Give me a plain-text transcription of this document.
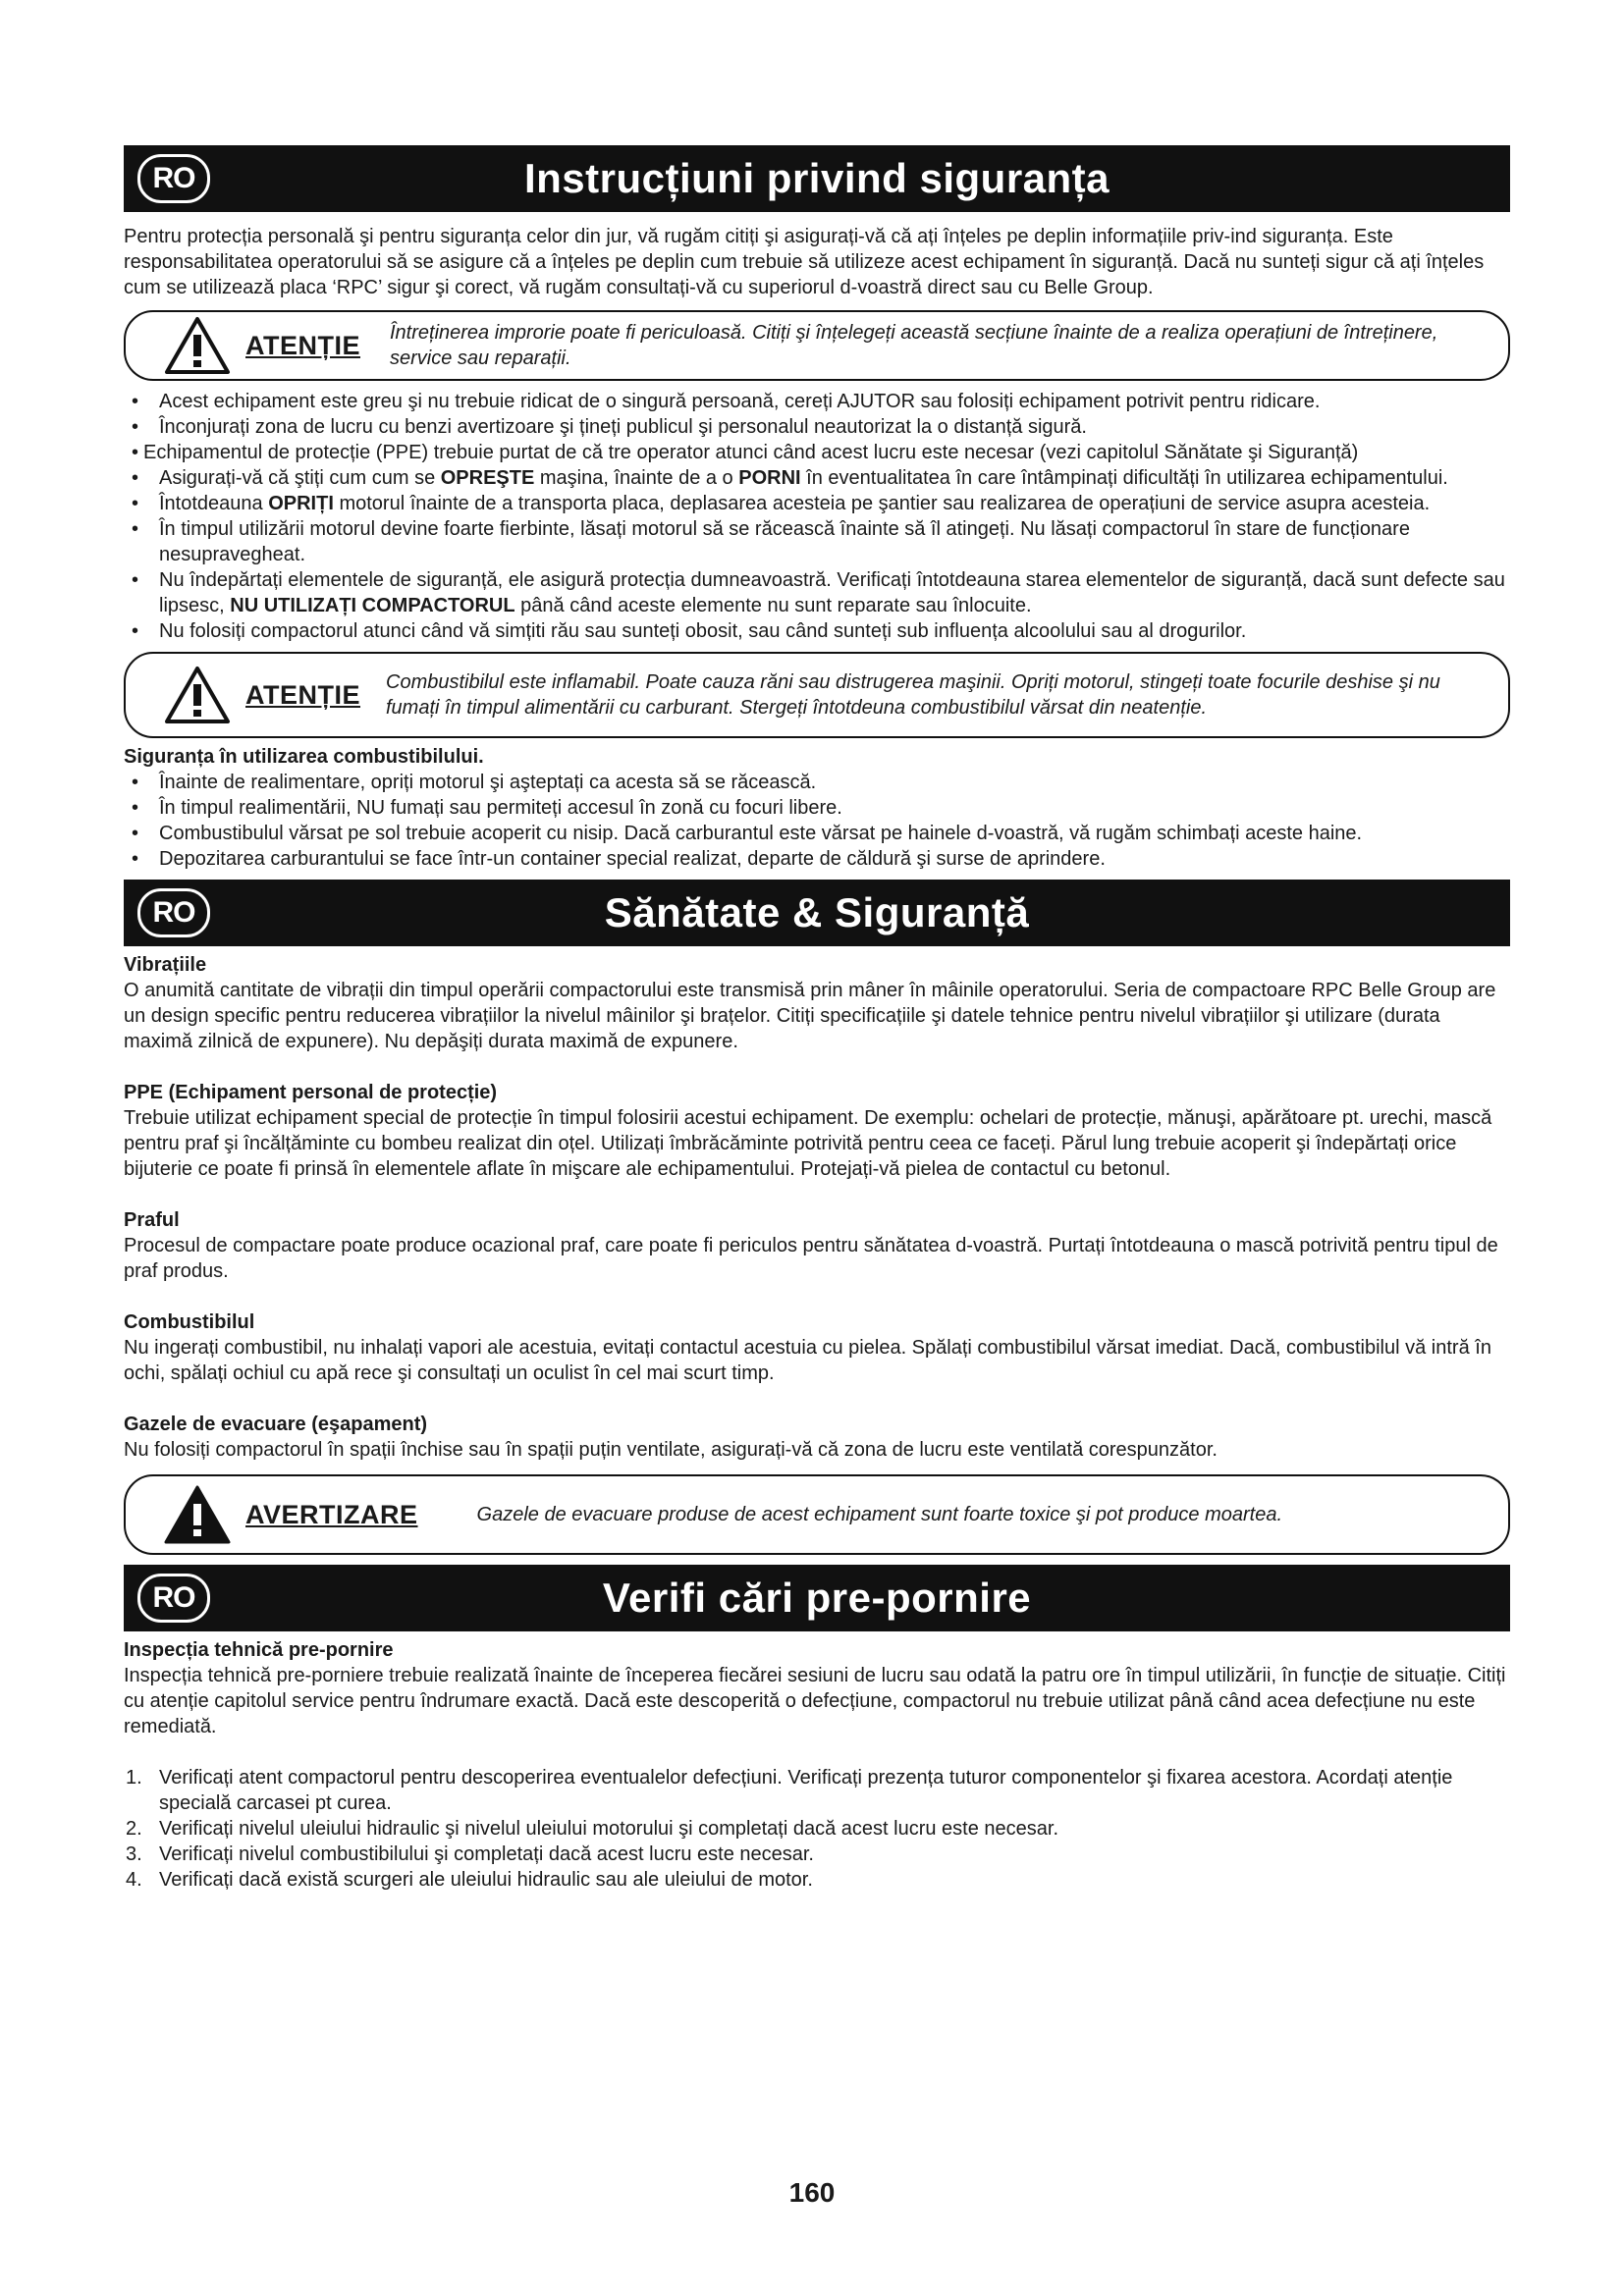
RO	Instrucțiuni privind siguranța

Pentru protecția personală şi pentru siguranța celor din jur, vă rugăm citiți şi asigurați-vă că ați înțeles pe deplin informațiile priv-ind siguranța. Este responsabilitatea operatorului să se asigure că a înțeles pe deplin cum trebuie să utilizeze acest echipament în siguranță. Dacă nu sunteți sigur că ați înțeles cum se utilizează placa ‘RPC’ sigur şi corect, vă rugăm consultați-vă cu superiorul d-voastră direct sau cu Belle Group.

ATENȚIE Întreținerea improrie poate fi periculoasă. Citiți şi înțelegeți această secțiune înainte de a realiza operațiuni de întreținere, service sau reparații.
• Acest echipament este greu şi nu trebuie ridicat de o singură persoană, cereți AJUTOR sau folosiți echipament potrivit pentru ridicare.
• Înconjurați zona de lucru cu benzi avertizoare şi țineți publicul şi personalul neautorizat la o distanță sigură.
• Echipamentul de protecție (PPE) trebuie purtat de că tre operator atunci când acest lucru este necesar (vezi capitolul Sănătate şi Siguranță)
• Asigurați-vă că ştiți cum cum se OPREŞTE maşina, înainte de a o PORNI în eventualitatea în care întâmpinați dificultăți în utilizarea echipamentului.
• Întotdeauna OPRIȚI motorul înainte de a transporta placa, deplasarea acesteia pe şantier sau realizarea de operațiuni de service asupra acesteia.
• În timpul utilizării motorul devine foarte fierbinte, lăsați motorul să se răcească înainte să îl atingeți. Nu lăsați compactorul în stare de funcționare nesupravegheat.
• Nu îndepărtați elementele de siguranță, ele asigură protecția dumneavoastră. Verificați întotdeauna starea elementelor de siguranță, dacă sunt defecte sau lipsesc, NU UTILIZAȚI COMPACTORUL până când aceste elemente nu sunt reparate sau înlocuite.
• Nu folosiți compactorul atunci când vă simțiti rău sau sunteți obosit, sau când sunteți sub influența alcoolului sau al drogurilor.
ATENȚIE Combustibilul este inflamabil. Poate cauza răni sau distrugerea maşinii. Opriți motorul, stingeți toate focurile deshise şi nu fumați în timpul alimentării cu carburant. Stergeți întotdeuna combustibilul vărsat din neatenție.

Siguranța în utilizarea combustibilului.

• Înainte de realimentare, opriți motorul şi aşteptați ca acesta să se răcească.
• În timpul realimentării, NU fumați sau permiteți accesul în zonă cu focuri libere.
• Combustibulul vărsat pe sol trebuie acoperit cu nisip. Dacă carburantul este vărsat pe hainele d-voastră, vă rugăm schimbați aceste haine.
• Depozitarea carburantului se face într-un container special realizat, departe de căldură şi surse de aprindere.
RO	Sănătate & Siguranță

Vibrațiile

O anumită cantitate de vibrații din timpul operării compactorului este transmisă prin mâner în mâinile operatorului. Seria de compactoare RPC Belle Group are un design specific pentru reducerea vibrațiilor la nivelul mâinilor şi brațelor. Citiți specificațiile şi datele tehnice pentru nivelul vibrațiilor şi utilizare (durata maximă zilnică de expunere). Nu depăşiți durata maximă de expunere.

PPE (Echipament personal de protecție)

Trebuie utilizat echipament special de protecție în timpul folosirii acestui echipament. De exemplu: ochelari de protecție, mănuşi, apărătoare pt. urechi, mască pentru praf şi încălțăminte cu bombeu realizat din oțel. Utilizați îmbrăcăminte potrivită pentru ceea ce faceți. Părul lung trebuie acoperit şi îndepărtați orice bijuterie ce poate fi prinsă în elementele aflate în mişcare ale echipamentului. Protejați-vă pielea de contactul cu betonul.

Praful

Procesul de compactare poate produce ocazional praf, care poate fi periculos pentru sănătatea d-voastră. Purtați întotdeauna o mască potrivită pentru tipul de praf produs.

Combustibilul

Nu ingerați combustibil, nu inhalați vapori ale acestuia, evitați contactul acestuia cu pielea. Spălați combustibilul vărsat imediat. Dacă, combustibilul vă intră în ochi, spălați ochiul cu apă rece şi consultați un oculist în cel mai scurt timp.

Gazele de evacuare (eşapament)

Nu folosiți compactorul în spații închise sau în spații puțin ventilate, asigurați-vă că zona de lucru este ventilată corespunzător.

AVERTIZARE	Gazele de evacuare produse de acest echipament sunt foarte toxice şi pot produce moartea.
RO	Verifi cări pre-pornire

Inspecția tehnică pre-pornire

Inspecția tehnică pre-porniere trebuie realizată înainte de începerea fiecărei sesiuni de lucru sau odată la patru ore în timpul utilizării, în funcție de situație. Citiți cu atenție capitolul service pentru îndrumare exactă. Dacă este descoperită o defecțiune, compactorul nu trebuie utilizat până când acea defecțiune nu este remediată.

1. Verificați atent compactorul pentru descoperirea eventualelor defecțiuni. Verificați prezența tuturor componentelor şi fixarea acestora. Acordați atenție specială carcasei pt curea.
2. Verificați nivelul uleiului hidraulic şi nivelul uleiului motorului şi completați dacă acest lucru este necesar.
3. Verificați nivelul combustibilului şi completați dacă acest lucru este necesar.
4. Verificați dacă există scurgeri ale uleiului hidraulic sau ale uleiului de motor.
160
